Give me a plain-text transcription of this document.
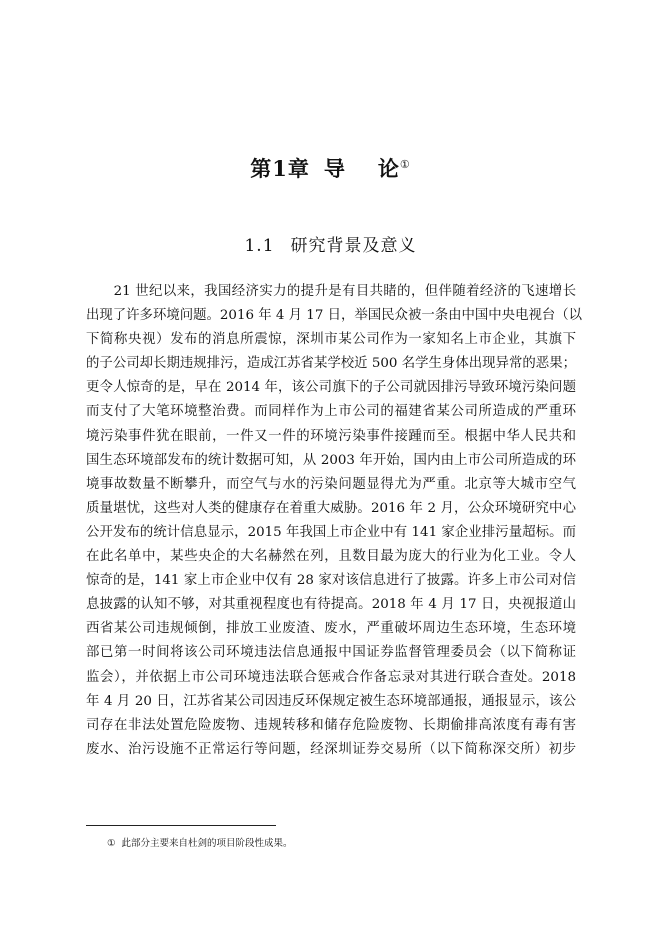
第1章 导 论①
1.1 研究背景及意义

　　21 世纪以来，我国经济实力的提升是有目共睹的，但伴随着经济的飞速增长
出现了许多环境问题。2016 年 4 月 17 日，举国民众被一条由中国中央电视台（以
下简称央视）发布的消息所震惊，深圳市某公司作为一家知名上市企业，其旗下
的子公司却长期违规排污，造成江苏省某学校近 500 名学生身体出现异常的恶果；
更令人惊奇的是，早在 2014 年，该公司旗下的子公司就因排污导致环境污染问题
而支付了大笔环境整治费。而同样作为上市公司的福建省某公司所造成的严重环
境污染事件犹在眼前，一件又一件的环境污染事件接踵而至。根据中华人民共和
国生态环境部发布的统计数据可知，从 2003 年开始，国内由上市公司所造成的环
境事故数量不断攀升，而空气与水的污染问题显得尤为严重。北京等大城市空气
质量堪忧，这些对人类的健康存在着重大威胁。2016 年 2 月，公众环境研究中心
公开发布的统计信息显示，2015 年我国上市企业中有 141 家企业排污量超标。而
在此名单中，某些央企的大名赫然在列，且数目最为庞大的行业为化工业。令人
惊奇的是，141 家上市企业中仅有 28 家对该信息进行了披露。许多上市公司对信
息披露的认知不够，对其重视程度也有待提高。2018 年 4 月 17 日，央视报道山
西省某公司违规倾倒，排放工业废渣、废水，严重破坏周边生态环境，生态环境
部已第一时间将该公司环境违法信息通报中国证券监督管理委员会（以下简称证
监会），并依据上市公司环境违法联合惩戒合作备忘录对其进行联合查处。2018
年 4 月 20 日，江苏省某公司因违反环保规定被生态环境部通报，通报显示，该公
司存在非法处置危险废物、违规转移和储存危险废物、长期偷排高浓度有毒有害
废水、治污设施不正常运行等问题，经深圳证券交易所（以下简称深交所）初步

① 此部分主要来自杜剑的项目阶段性成果。
